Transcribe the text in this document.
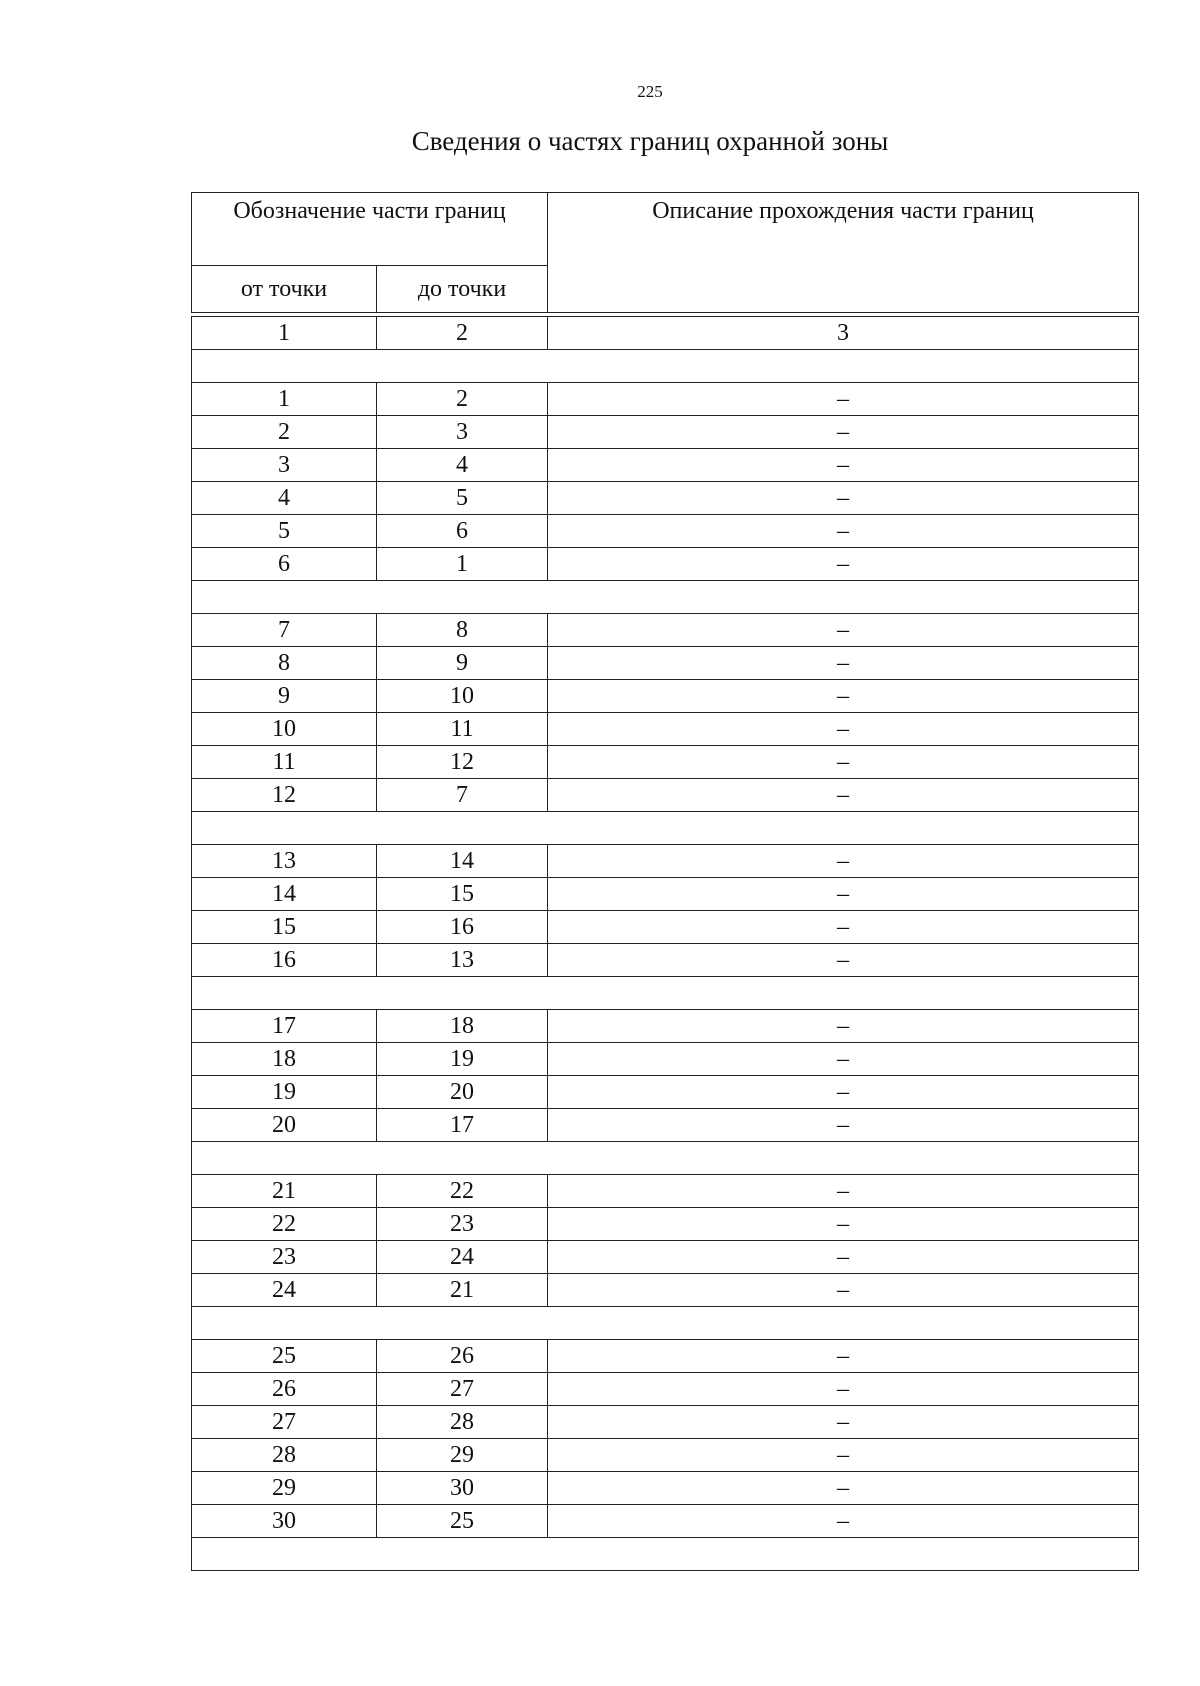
225
Сведения о частях границ охранной зоны
Обозначение части границ		Описание прохождения части границ
от точки	до точки	

1	2	3

1	2	–
2	3	–
3	4	–
4	5	–
5	6	–
6	1	–

7	8	–
8	9	–
9	10	–
10	11	–
11	12	–
12	7	–

13	14	–
14	15	–
15	16	–
16	13	–

17	18	–
18	19	–
19	20	–
20	17	–

21	22	–
22	23	–
23	24	–
24	21	–

25	26	–
26	27	–
27	28	–
28	29	–
29	30	–
30	25	–
